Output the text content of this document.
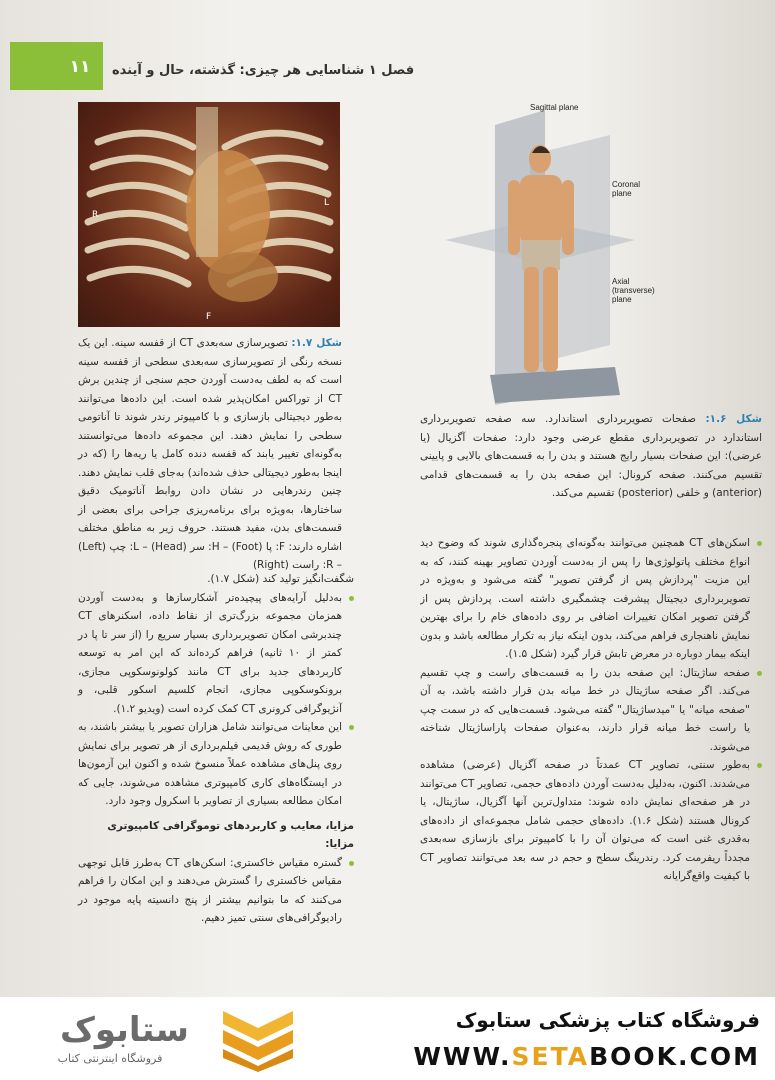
۱۱	فصل ۱ شناسایی هر چیزی: گذشته، حال و آینده
R
L
F
Sagittal plane
Coronal plane
Axial (transverse) plane
شکل ۱.۷: تصویرسازی سه‌بعدی CT از قفسه سینه. این یک نسخه رنگی از تصویرسازی سه‌بعدی سطحی از قفسه سینه است که به لطف به‌دست آوردن حجم سنجی از چندین برش CT از توراکس امکان‌پذیر شده است. این داده‌ها می‌توانند به‌طور دیجیتالی بازسازی و با کامپیوتر رندر شوند تا آناتومی سطحی را نمایش دهند. این مجموعه داده‌ها می‌توانستند به‌گونه‌ای تغییر یابند که قفسه دنده کامل یا ریه‌ها را (که در اینجا به‌طور دیجیتالی حذف شده‌اند) به‌جای قلب نمایش دهند. چنین رندرهایی در نشان دادن روابط آناتومیک دقیق ساختارها، به‌ویژه برای برنامه‌ریزی جراحی برای بعضی از قسمت‌های بدن، مفید هستند. حروف زیر به مناطق مختلف اشاره دارند: F: پا (Foot) – H: سر (Head) – L: چپ (Left) – R: راست (Right)
شکل ۱.۶: صفحات تصویربرداری استاندارد. سه صفحه تصویربرداری استاندارد در تصویربرداری مقطع عرضی وجود دارد: صفحات آگزیال (یا عرضی): این صفحات بسیار رایج هستند و بدن را به قسمت‌های بالایی و پایینی تقسیم می‌کنند. صفحه کرونال: این صفحه بدن را به قسمت‌های قدامی (anterior) و خلفی (posterior) تقسیم می‌کند.
شگفت‌انگیز تولید کند (شکل ۱.۷).
به‌دلیل آرایه‌های پیچیده‌تر آشکارسازها و به‌دست آوردن همزمان مجموعه بزرگ‌تری از نقاط داده، اسکنرهای CT چندبرشی امکان تصویربرداری بسیار سریع را (از سر تا پا در کمتر از ۱۰ ثانیه) فراهم کرده‌اند که این امر به توسعه کاربردهای جدید برای CT مانند کولونوسکوپی مجازی، برونکوسکوپی مجازی، انجام کلسیم اسکور قلبی، و آنژیوگرافی کرونری CT کمک کرده است (ویدیو ۱.۲).
این معاینات می‌توانند شامل هزاران تصویر یا بیشتر باشند، به طوری که روش قدیمی فیلم‌برداری از هر تصویر برای نمایش روی پنل‌های مشاهده عملاً منسوخ شده و اکنون این آزمون‌ها در ایستگاه‌های کاری کامپیوتری مشاهده می‌شوند، جایی که امکان مطالعه بسیاری از تصاویر با اسکرول وجود دارد.
مزایا، معایب و کاربردهای توموگرافی کامپیوتری
مزایا:
گستره مقیاس خاکستری: اسکن‌های CT به‌طرز قابل توجهی مقیاس خاکستری را گسترش می‌دهند و این امکان را فراهم می‌کنند که ما بتوانیم بیشتر از پنج دانسیته پایه موجود در رادیوگرافی‌های سنتی تمیز دهیم.
اسکن‌های CT همچنین می‌توانند به‌گونه‌ای پنجره‌گذاری شوند که وضوح دید انواع مختلف پاتولوژی‌ها را پس از به‌دست آوردن تصاویر بهینه کنند، که به این مزیت "پردازش پس از گرفتن تصویر" گفته می‌شود و به‌ویژه در تصویربرداری دیجیتال پیشرفت چشمگیری داشته است. پردازش پس از گرفتن تصویر امکان تغییرات اضافی بر روی داده‌های خام را برای بهترین نمایش ناهنجاری فراهم می‌کند، بدون اینکه نیاز به تکرار مطالعه باشد و بدون اینکه بیمار دوباره در معرض تابش قرار گیرد (شکل ۱.۵).
صفحه ساژیتال: این صفحه بدن را به قسمت‌های راست و چپ تقسیم می‌کند. اگر صفحه ساژیتال در خط میانه بدن قرار داشته باشد، به آن "صفحه میانه" یا "میدساژیتال" گفته می‌شود. قسمت‌هایی که در سمت چپ یا راست خط میانه قرار دارند، به‌عنوان صفحات پاراساژیتال شناخته می‌شوند.
به‌طور سنتی، تصاویر CT عمدتاً در صفحه آگزیال (عرضی) مشاهده می‌شدند. اکنون، به‌دلیل به‌دست آوردن داده‌های حجمی، تصاویر CT می‌توانند در هر صفحه‌ای نمایش داده شوند: متداول‌ترین آنها آگزیال، ساژیتال، یا کرونال هستند (شکل ۱.۶). داده‌های حجمی شامل مجموعه‌ای از داده‌های به‌قدری غنی است که می‌توان آن را با کامپیوتر برای بازسازی سه‌بعدی مجدداً ریفرمت کرد. رندرینگ سطح و حجم در سه بعد می‌توانند تصاویر CT با کیفیت واقع‌گرایانه
ستابوک
فروشگاه اینترنتی کتاب
فروشگاه کتاب پزشکی ستابوک
WWW.SETABOOK.COM
